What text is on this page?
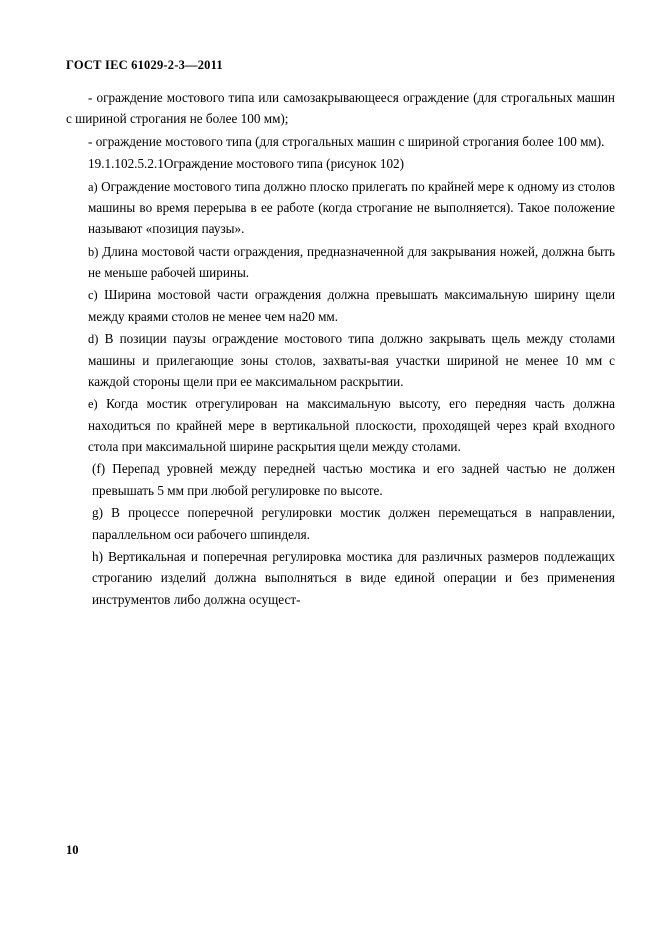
ГОСТ IEC 61029-2-3—2011

- ограждение мостового типа или самозакрывающееся ограждение (для строгальных машин с шириной строгания не более 100 мм);

- ограждение мостового типа (для строгальных машин с шириной строгания более 100 мм).

19.1.102.5.2.1Ограждение мостового типа (рисунок 102)

a) Ограждение мостового типа должно плоско прилегать по крайней мере к одному из столов машины во время перерыва в ее работе (когда строгание не выполняется). Такое положение называют «позиция паузы».

b) Длина мостовой части ограждения, предназначенной для закрывания ножей, должна быть не меньше рабочей ширины.

c) Ширина мостовой части ограждения должна превышать максимальную ширину щели между краями столов не менее чем на20 мм.

d) В позиции паузы ограждение мостового типа должно закрывать щель между столами машины и прилегающие зоны столов, захваты-вая участки шириной не менее 10 мм с каждой стороны щели при ее максимальном раскрытии.

e) Когда мостик отрегулирован на максимальную высоту, его передняя часть должна находиться по крайней мере в вертикальной плоскости, проходящей через край входного стола при максимальной ширине раскрытия щели между столами.

(f) Перепад уровней между передней частью мостика и его задней частью не должен превышать 5 мм при любой регулировке по высоте.

g) В процессе поперечной регулировки мостик должен перемещаться в направлении, параллельном оси рабочего шпинделя.

h) Вертикальная и поперечная регулировка мостика для различных размеров подлежащих строганию изделий должна выполняться в виде единой операции и без применения инструментов либо должна осущест-

10
